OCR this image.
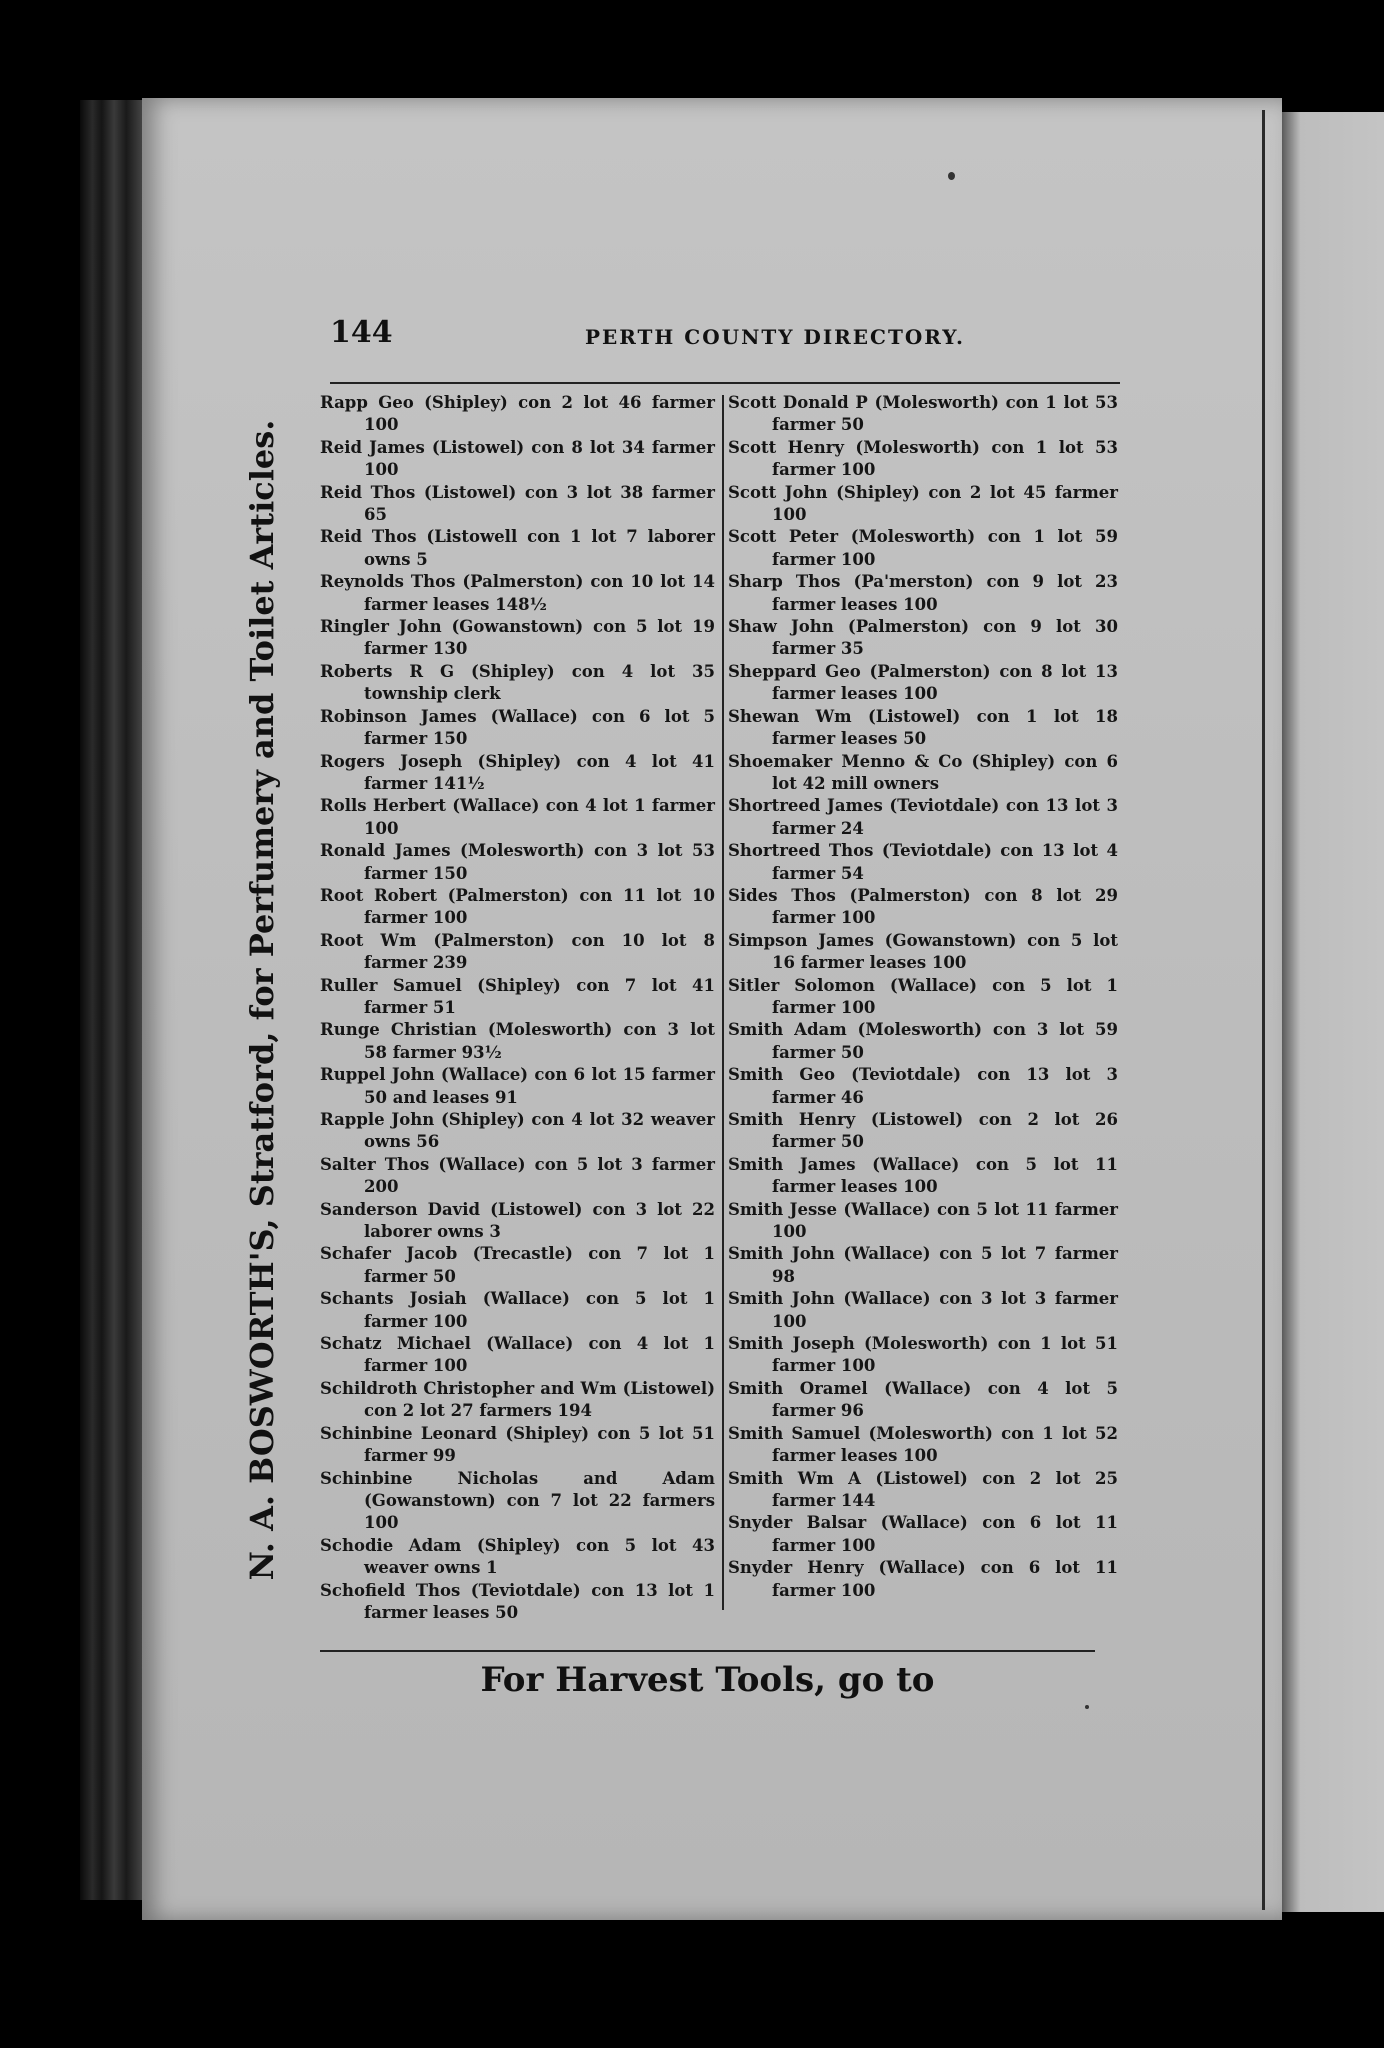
144	PERTH COUNTY DIRECTORY.
N. A. BOSWORTH'S, Stratford, for Perfumery and Toilet Articles.

Rapp Geo (Shipley) con 2 lot 46 farmer 100

Reid James (Listowel) con 8 lot 34 farmer 100

Reid Thos (Listowel) con 3 lot 38 farmer 65

Reid Thos (Listowell con 1 lot 7 laborer owns 5

Reynolds Thos (Palmerston) con 10 lot 14 farmer leases 148½

Ringler John (Gowanstown) con 5 lot 19 farmer 130

Roberts R G (Shipley) con 4 lot 35 township clerk

Robinson James (Wallace) con 6 lot 5 farmer 150

Rogers Joseph (Shipley) con 4 lot 41 farmer 141½

Rolls Herbert (Wallace) con 4 lot 1 farmer 100

Ronald James (Molesworth) con 3 lot 53 farmer 150

Root Robert (Palmerston) con 11 lot 10 farmer 100

Root Wm (Palmerston) con 10 lot 8 farmer 239

Ruller Samuel (Shipley) con 7 lot 41 farmer 51

Runge Christian (Molesworth) con 3 lot 58 farmer 93½

Ruppel John (Wallace) con 6 lot 15 farmer 50 and leases 91

Rapple John (Shipley) con 4 lot 32 weaver owns 56

Salter Thos (Wallace) con 5 lot 3 farmer 200

Sanderson David (Listowel) con 3 lot 22 laborer owns 3

Schafer Jacob (Trecastle) con 7 lot 1 farmer 50

Schants Josiah (Wallace) con 5 lot 1 farmer 100

Schatz Michael (Wallace) con 4 lot 1 farmer 100

Schildroth Christopher and Wm (Listowel) con 2 lot 27 farmers 194

Schinbine Leonard (Shipley) con 5 lot 51 farmer 99

Schinbine Nicholas and Adam (Gowanstown) con 7 lot 22 farmers 100

Schodie Adam (Shipley) con 5 lot 43 weaver owns 1

Schofield Thos (Teviotdale) con 13 lot 1 farmer leases 50

Scott Donald P (Molesworth) con 1 lot 53 farmer 50

Scott Henry (Molesworth) con 1 lot 53 farmer 100

Scott John (Shipley) con 2 lot 45 farmer 100

Scott Peter (Molesworth) con 1 lot 59 farmer 100

Sharp Thos (Pa'merston) con 9 lot 23 farmer leases 100

Shaw John (Palmerston) con 9 lot 30 farmer 35

Sheppard Geo (Palmerston) con 8 lot 13 farmer leases 100

Shewan Wm (Listowel) con 1 lot 18 farmer leases 50

Shoemaker Menno & Co (Shipley) con 6 lot 42 mill owners

Shortreed James (Teviotdale) con 13 lot 3 farmer 24

Shortreed Thos (Teviotdale) con 13 lot 4 farmer 54

Sides Thos (Palmerston) con 8 lot 29 farmer 100

Simpson James (Gowanstown) con 5 lot 16 farmer leases 100

Sitler Solomon (Wallace) con 5 lot 1 farmer 100

Smith Adam (Molesworth) con 3 lot 59 farmer 50

Smith Geo (Teviotdale) con 13 lot 3 farmer 46

Smith Henry (Listowel) con 2 lot 26 farmer 50

Smith James (Wallace) con 5 lot 11 farmer leases 100

Smith Jesse (Wallace) con 5 lot 11 farmer 100

Smith John (Wallace) con 5 lot 7 farmer 98

Smith John (Wallace) con 3 lot 3 farmer 100

Smith Joseph (Molesworth) con 1 lot 51 farmer 100

Smith Oramel (Wallace) con 4 lot 5 farmer 96

Smith Samuel (Molesworth) con 1 lot 52 farmer leases 100

Smith Wm A (Listowel) con 2 lot 25 farmer 144

Snyder Balsar (Wallace) con 6 lot 11 farmer 100

Snyder Henry (Wallace) con 6 lot 11 farmer 100

For Harvest Tools, go to
